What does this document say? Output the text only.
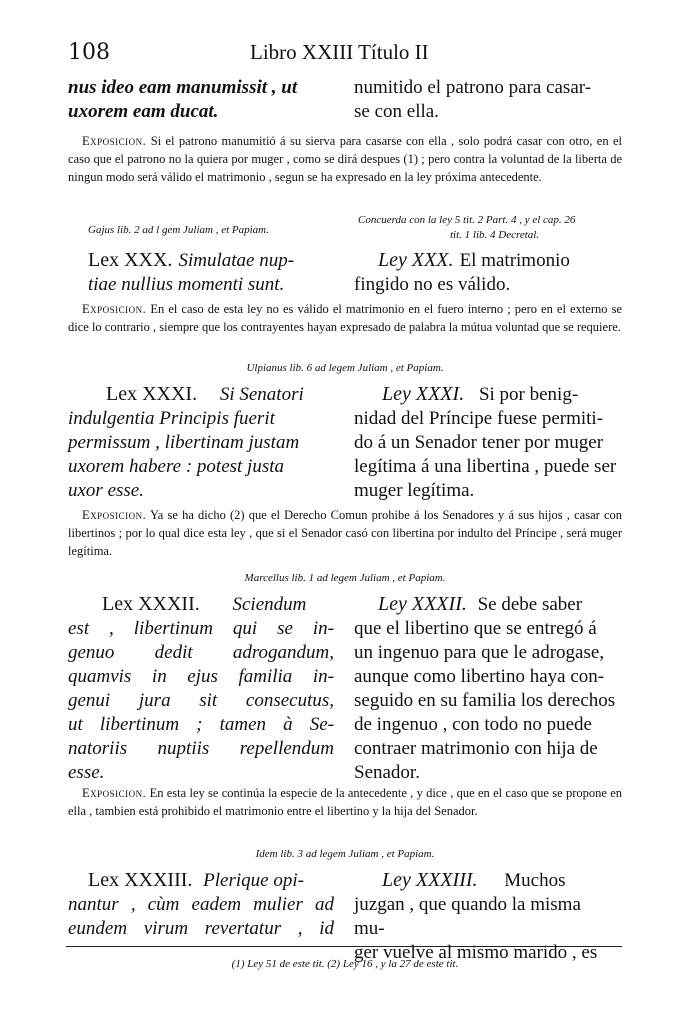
108	Libro XXIII Título II
nus ideo eam manumissit , ut
uxorem eam ducat.
numitido el patrono para casar-
se con ella.
Exposicion. Si el patrono manumitió á su sierva para casarse con ella , solo podrá casar con otro, en el caso que el patrono no la quiera por muger , como se dirá despues (1) ; pero contra la voluntad de la liberta de ningun modo será válido el matrimonio , segun se ha expresado en la ley próxima antecedente.
Gajus lib. 2 ad l gem Juliam , et Papiam.
Concuerda con la ley 5 tit. 2 Part. 4 , y el cap. 26
tit. 1 lib. 4 Decretal.
Lex XXX. Simulatae nup-
tiae nullius momenti sunt.
Ley XXX. El matrimonio
fingido no es válido.
Exposicion. En el caso de esta ley no es válido el matrimonio en el fuero interno ; pero en el externo se dice lo contrario , siempre que los contrayentes hayan expresado de palabra la mútua voluntad que se requiere.
Ulpianus lib. 6 ad legem Juliam , et Papiam.
Lex XXXI. Si Senatori
indulgentia Principis fuerit
permissum , libertinam justam
uxorem habere : potest justa
uxor esse.
Ley XXXI. Si por benig-
nidad del Príncipe fuese permiti-
do á un Senador tener por muger
legítima á una libertina , puede ser
muger legítima.
Exposicion. Ya se ha dicho (2) que el Derecho Comun prohibe á los Senadores y á sus hijos , casar con libertinos ; por lo qual dice esta ley , que si el Senador casó con libertina por indulto del Príncipe , será muger legítima.
Marcellus lib. 1 ad legem Juliam , et Papiam.
Lex XXXII. Sciendum
est , libertinum qui se in-
genuo dedit adrogandum,
quamvis in ejus familia in-
genui jura sit consecutus,
ut libertinum ; tamen à Se-
natoriis nuptiis repellendum
esse.
Ley XXXII. Se debe saber
que el libertino que se entregó á
un ingenuo para que le adrogase,
aunque como libertino haya con-
seguido en su familia los derechos
de ingenuo , con todo no puede
contraer matrimonio con hija de
Senador.
Exposicion. En esta ley se continúa la especie de la antecedente , y dice , que en el caso que se propone en ella , tambien está prohibido el matrimonio entre el libertino y la hija del Senador.
Idem lib. 3 ad legem Juliam , et Papiam.
Lex XXXIII. Plerique opi-
nantur , cùm eadem mulier ad
eundem virum revertatur , id
Ley XXXIII. Muchos
juzgan , que quando la misma mu-
ger vuelve al mismo marido , es
(1) Ley 51 de este tit. (2) Ley 16 , y la 27 de este tit.
